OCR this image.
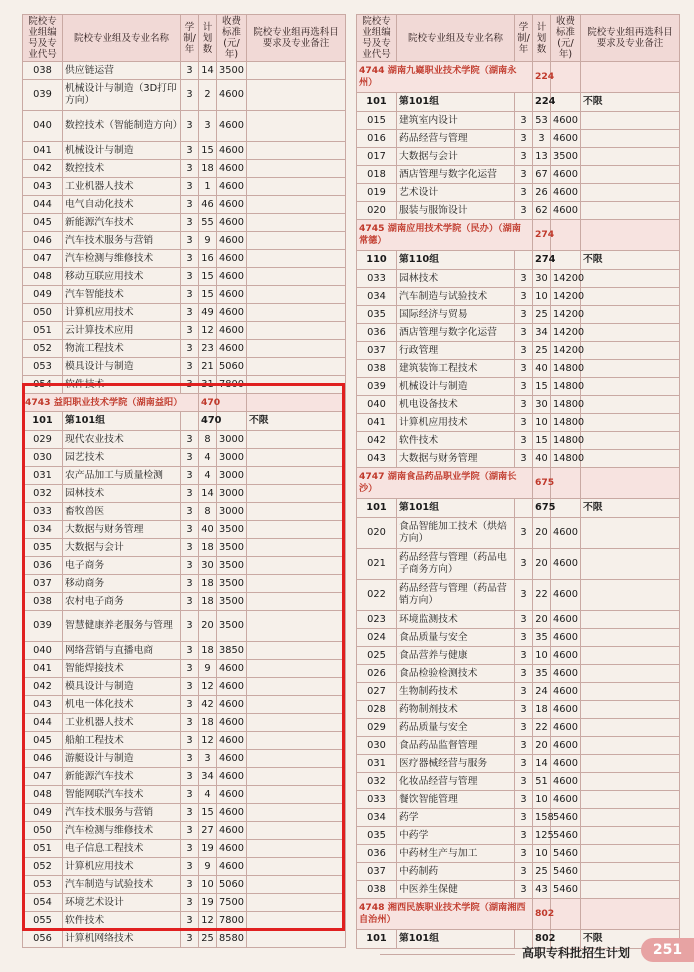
院校专业组编号及专业代号	院校专业组及专业名称	学制/年	计划数	收费标准(元/年)	院校专业组再选科目要求及专业备注
038	供应链运营	3	14	3500	
039	机械设计与制造（3D打印方向）	3	2	4600	
040	数控技术（智能制造方向）	3	3	4600	
041	机械设计与制造	3	15	4600	
042	数控技术	3	18	4600	
043	工业机器人技术	3	1	4600	
044	电气自动化技术	3	46	4600	
045	新能源汽车技术	3	55	4600	
046	汽车技术服务与营销	3	9	4600	
047	汽车检测与维修技术	3	16	4600	
048	移动互联应用技术	3	15	4600	
049	汽车智能技术	3	15	4600	
050	计算机应用技术	3	49	4600	
051	云计算技术应用	3	12	4600	
052	物流工程技术	3	23	4600	
053	模具设计与制造	3	21	5060	
054	软件技术	3	31	7800	
4743 益阳职业技术学院（湖南益阳）			470		
101	第101组		470		不限
029	现代农业技术	3	8	3000	
030	园艺技术	3	4	3000	
031	农产品加工与质量检测	3	4	3000	
032	园林技术	3	14	3000	
033	畜牧兽医	3	8	3000	
034	大数据与财务管理	3	40	3500	
035	大数据与会计	3	18	3500	
036	电子商务	3	30	3500	
037	移动商务	3	18	3500	
038	农村电子商务	3	18	3500	
039	智慧健康养老服务与管理	3	20	3500	
040	网络营销与直播电商	3	18	3850	
041	智能焊接技术	3	9	4600	
042	模具设计与制造	3	12	4600	
043	机电一体化技术	3	42	4600	
044	工业机器人技术	3	18	4600	
045	船舶工程技术	3	12	4600	
046	游艇设计与制造	3	3	4600	
047	新能源汽车技术	3	34	4600	
048	智能网联汽车技术	3	4	4600	
049	汽车技术服务与营销	3	15	4600	
050	汽车检测与维修技术	3	27	4600	
051	电子信息工程技术	3	19	4600	
052	计算机应用技术	3	9	4600	
053	汽车制造与试验技术	3	10	5060	
054	环境艺术设计	3	19	7500	
055	软件技术	3	12	7800	
056	计算机网络技术	3	25	8580	
院校专业组编号及专业代号	院校专业组及专业名称	学制/年	计划数	收费标准(元/年)	院校专业组再选科目要求及专业备注
4744 湖南九嶷职业技术学院（湖南永州）			224		
101	第101组		224		不限
015	建筑室内设计	3	53	4600	
016	药品经营与管理	3	3	4600	
017	大数据与会计	3	13	3500	
018	酒店管理与数字化运营	3	67	4600	
019	艺术设计	3	26	4600	
020	服装与服饰设计	3	62	4600	
4745 湖南应用技术学院（民办）（湖南常德）			274		
110	第110组		274		不限
033	园林技术	3	30	14200	
034	汽车制造与试验技术	3	10	14200	
035	国际经济与贸易	3	25	14200	
036	酒店管理与数字化运营	3	34	14200	
037	行政管理	3	25	14200	
038	建筑装饰工程技术	3	40	14800	
039	机械设计与制造	3	15	14800	
040	机电设备技术	3	30	14800	
041	计算机应用技术	3	10	14800	
042	软件技术	3	15	14800	
043	大数据与财务管理	3	40	14800	
4747 湖南食品药品职业学院（湖南长沙）			675		
101	第101组		675		不限
020	食品智能加工技术（烘焙方向）	3	20	4600	
021	药品经营与管理（药品电子商务方向）	3	20	4600	
022	药品经营与管理（药品营销方向）	3	22	4600	
023	环境监测技术	3	20	4600	
024	食品质量与安全	3	35	4600	
025	食品营养与健康	3	10	4600	
026	食品检验检测技术	3	35	4600	
027	生物制药技术	3	24	4600	
028	药物制剂技术	3	18	4600	
029	药品质量与安全	3	22	4600	
030	食品药品监督管理	3	20	4600	
031	医疗器械经营与服务	3	14	4600	
032	化妆品经营与管理	3	51	4600	
033	餐饮智能管理	3	10	4600	
034	药学	3	158	5460	
035	中药学	3	125	5460	
036	中药材生产与加工	3	10	5460	
037	中药制药	3	25	5460	
038	中医养生保健	3	43	5460	
4748 湘西民族职业技术学院（湖南湘西自治州）			802		
101	第101组		802		不限
高职专科批招生计划	251
